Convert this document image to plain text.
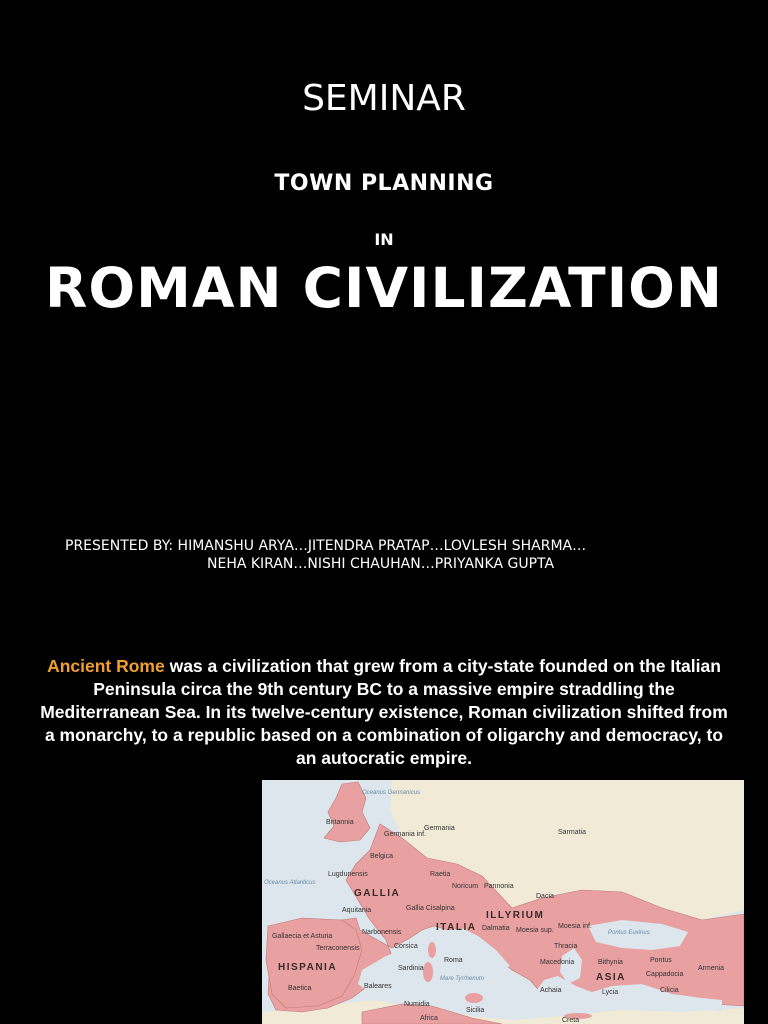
SEMINAR
TOWN PLANNING
IN
ROMAN CIVILIZATION
PRESENTED BY: HIMANSHU ARYA…JITENDRA PRATAP…LOVLESH SHARMA…
NEHA KIRAN…NISHI CHAUHAN…PRIYANKA GUPTA
Ancient Rome was a civilization that grew from a city-state founded on the Italian Peninsula circa the 9th century BC to a massive empire straddling the Mediterranean Sea. In its twelve-century existence, Roman civilization shifted from a monarchy, to a republic based on a combination of oligarchy and democracy, to an autocratic empire.
Oceanus Germanicus
Britannia
Germania inf.
Germania
Sarmatia
Belgica
Lugdunensis	Raetia
Noricum Pannonia
Dacia
Oceanus Atlanticus
GALLIA
Aquitania	Gallia Cisalpina
ILLYRIUM
Moesia sup.
Moesia inf.
Pontus Euxinus
Gallaecia et Asturia
Terraconensis
Narbonensis
Corsica
ITALIA Dalmatia
Thracia
Bithynia	Pontus
Armenia
HISPANIA	Sardinia
Roma	Macedonia
ASIA	Cappadocia
Baetica	Baleares
Mare Tyrrhenum
Achaia	Lycia	Cilicia
Numidia
Africa
Sicilia
Creta
